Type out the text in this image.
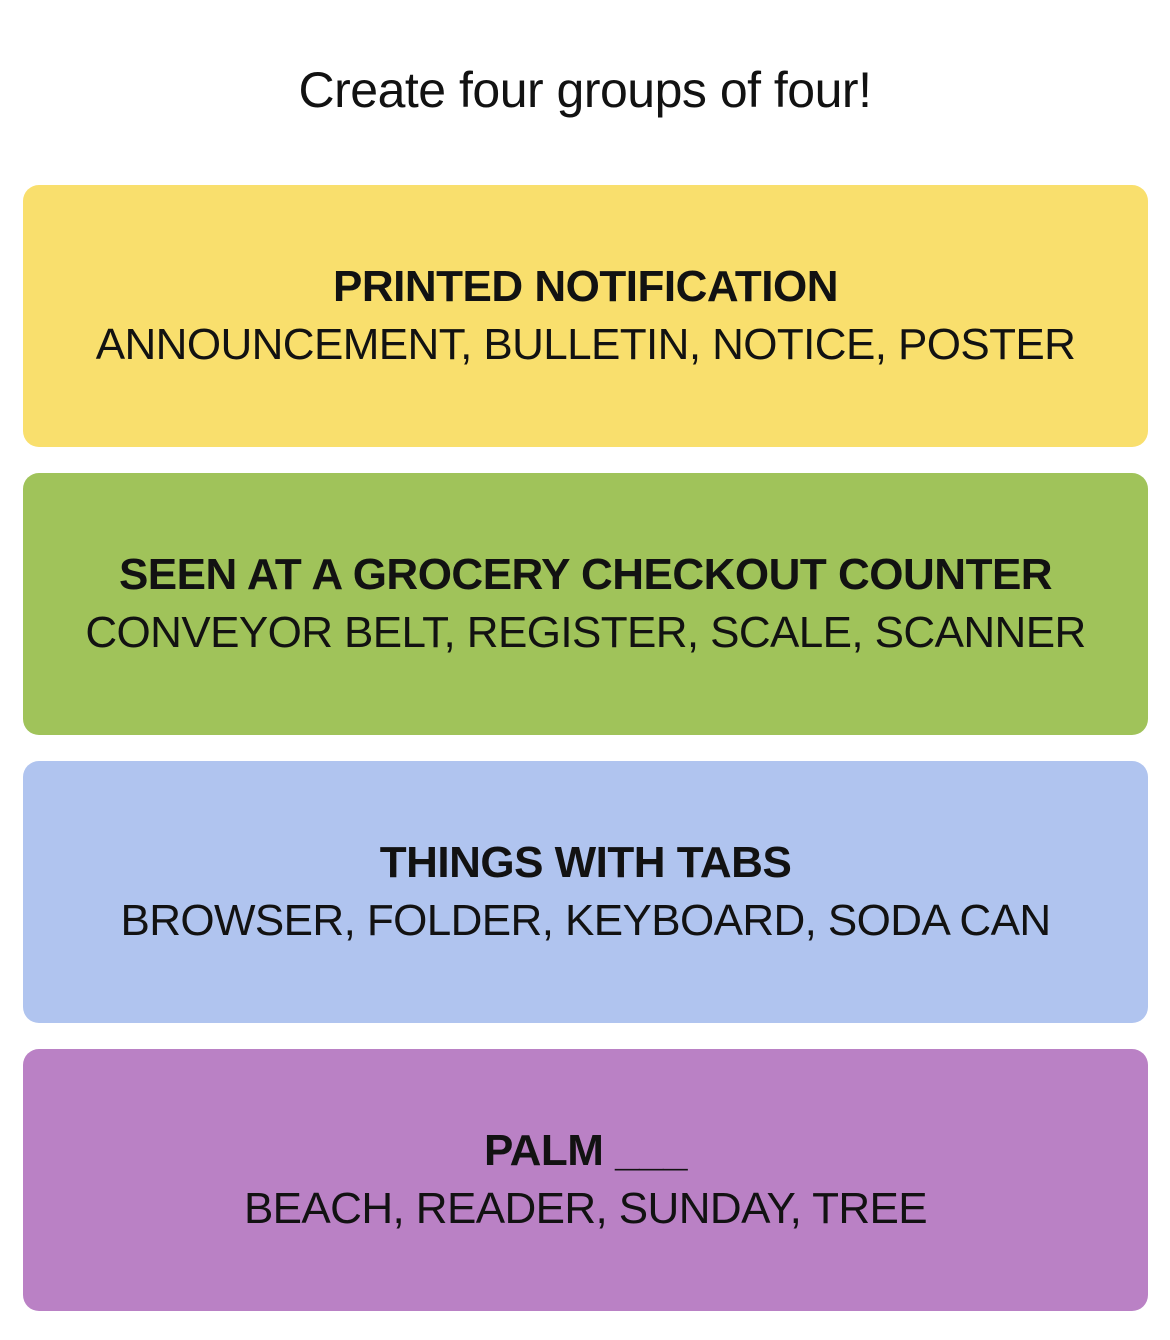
Create four groups of four!
PRINTED NOTIFICATION
ANNOUNCEMENT, BULLETIN, NOTICE, POSTER
SEEN AT A GROCERY CHECKOUT COUNTER
CONVEYOR BELT, REGISTER, SCALE, SCANNER
THINGS WITH TABS
BROWSER, FOLDER, KEYBOARD, SODA CAN
PALM ___
BEACH, READER, SUNDAY, TREE
